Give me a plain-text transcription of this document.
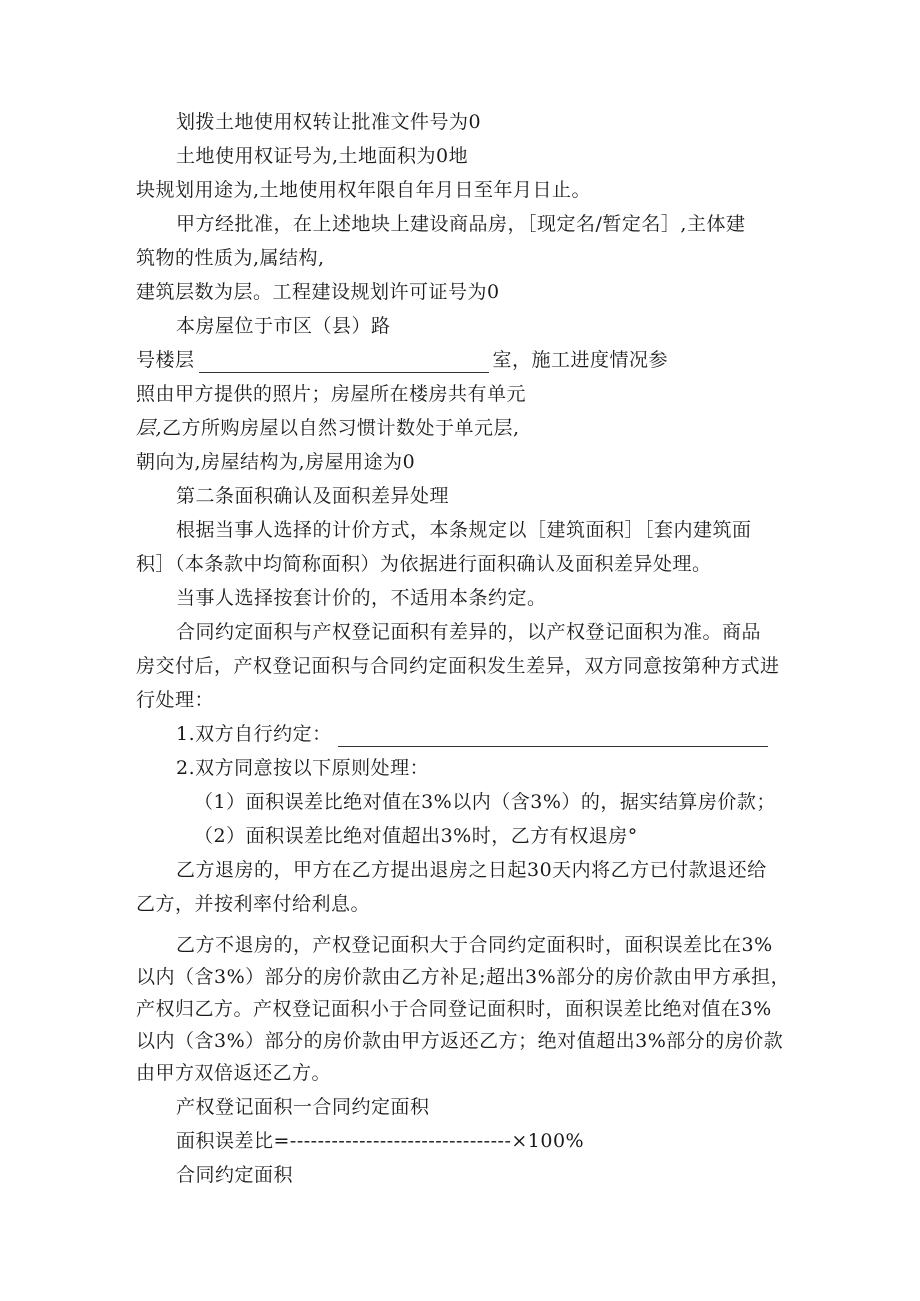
划拨土地使用权转让批准文件号为0
土地使用权证号为,土地面积为0地
块规划用途为,土地使用权年限自年月日至年月日止。
甲方经批准，在上述地块上建设商品房，［现定名/暂定名］,主体建
筑物的性质为,属结构,
建筑层数为层。工程建设规划许可证号为0
本房屋位于市区（县）路
号楼层	室，施工进度情况参
照由甲方提供的照片；房屋所在楼房共有单元
层,乙方所购房屋以自然习惯计数处于单元层,
朝向为,房屋结构为,房屋用途为0
第二条面积确认及面积差异处理
根据当事人选择的计价方式，本条规定以［建筑面积］［套内建筑面
积］（本条款中均简称面积）为依据进行面积确认及面积差异处理。
当事人选择按套计价的，不适用本条约定。
合同约定面积与产权登记面积有差异的，以产权登记面积为准。商品
房交付后，产权登记面积与合同约定面积发生差异，双方同意按第种方式进
行处理：
1.双方自行约定：
2.双方同意按以下原则处理：
（1）面积误差比绝对值在3%以内（含3%）的，据实结算房价款；
（2）面积误差比绝对值超出3%时，乙方有权退房°
乙方退房的，甲方在乙方提出退房之日起30天内将乙方已付款退还给
乙方，并按利率付给利息。
乙方不退房的，产权登记面积大于合同约定面积时，面积误差比在3%
以内（含3%）部分的房价款由乙方补足;超出3%部分的房价款由甲方承担，
产权归乙方。产权登记面积小于合同登记面积时，面积误差比绝对值在3%
以内（含3%）部分的房价款由甲方返还乙方；绝对值超出3%部分的房价款
由甲方双倍返还乙方。
产权登记面积一合同约定面积
面积误差比=--------------------------------×100%
合同约定面积
